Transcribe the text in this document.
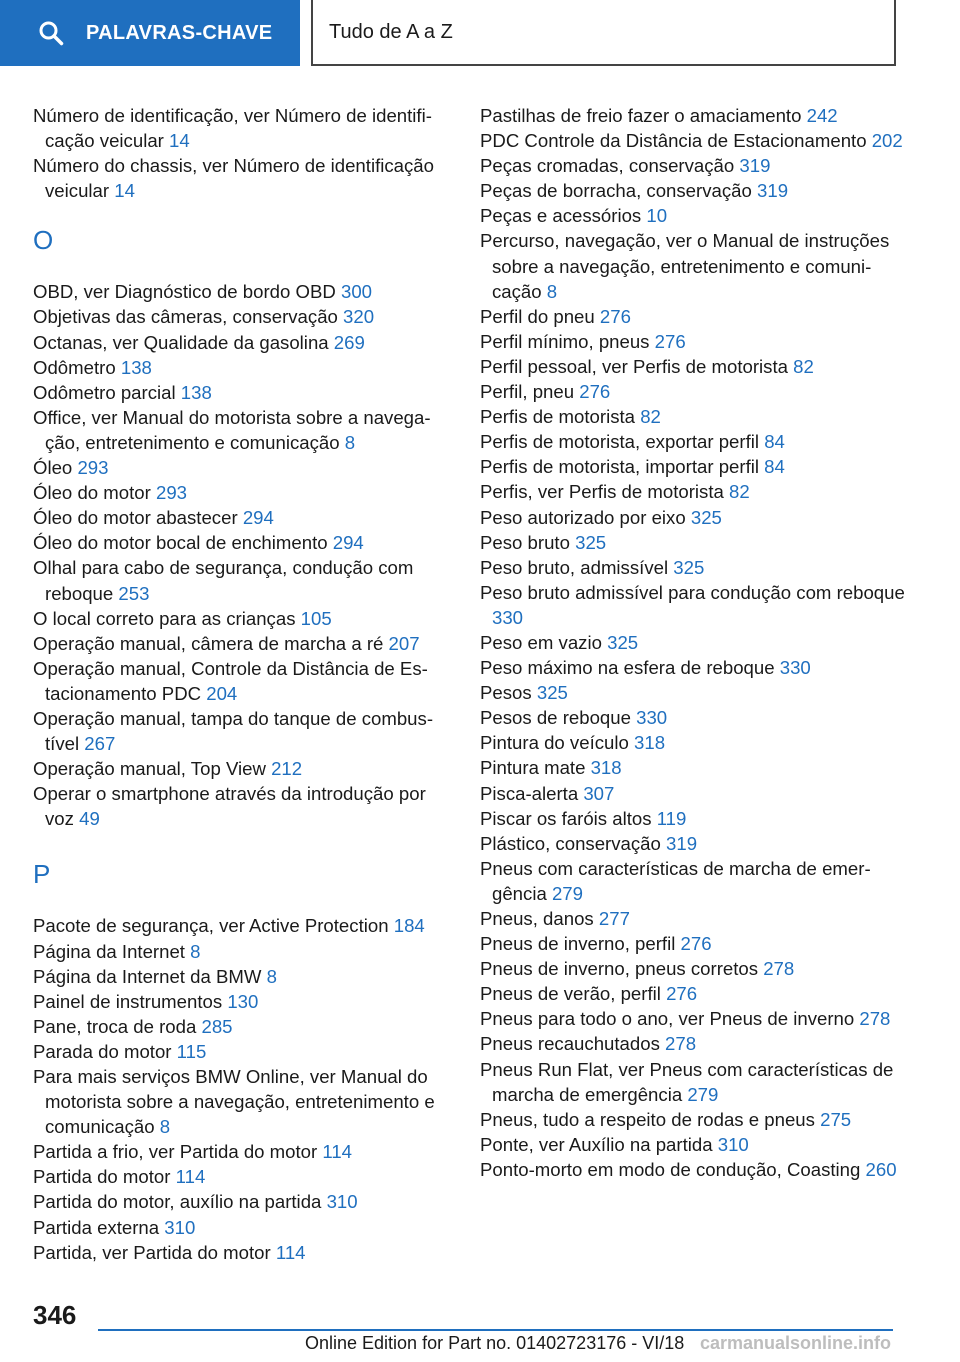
PALAVRAS-CHAVE	Tudo de A a Z
Número de identificação, ver Número de identificação veicular 14
Número do chassis, ver Número de identificação veicular 14
O
OBD, ver Diagnóstico de bordo OBD 300
Objetivas das câmeras, conservação 320
Octanas, ver Qualidade da gasolina 269
Odômetro 138
Odômetro parcial 138
Office, ver Manual do motorista sobre a navegação, entretenimento e comunicação 8
Óleo 293
Óleo do motor 293
Óleo do motor abastecer 294
Óleo do motor bocal de enchimento 294
Olhal para cabo de segurança, condução com reboque 253
O local correto para as crianças 105
Operação manual, câmera de marcha a ré 207
Operação manual, Controle da Distância de Estacionamento PDC 204
Operação manual, tampa do tanque de combustível 267
Operação manual, Top View 212
Operar o smartphone através da introdução por voz 49
P
Pacote de segurança, ver Active Protection 184
Página da Internet 8
Página da Internet da BMW 8
Painel de instrumentos 130
Pane, troca de roda 285
Parada do motor 115
Para mais serviços BMW Online, ver Manual do motorista sobre a navegação, entretenimento e comunicação 8
Partida a frio, ver Partida do motor 114
Partida do motor 114
Partida do motor, auxílio na partida 310
Partida externa 310
Partida, ver Partida do motor 114
Pastilhas de freio fazer o amaciamento 242
PDC Controle da Distância de Estacionamento 202
Peças cromadas, conservação 319
Peças de borracha, conservação 319
Peças e acessórios 10
Percurso, navegação, ver o Manual de instruções sobre a navegação, entretenimento e comunicação 8
Perfil do pneu 276
Perfil mínimo, pneus 276
Perfil pessoal, ver Perfis de motorista 82
Perfil, pneu 276
Perfis de motorista 82
Perfis de motorista, exportar perfil 84
Perfis de motorista, importar perfil 84
Perfis, ver Perfis de motorista 82
Peso autorizado por eixo 325
Peso bruto 325
Peso bruto, admissível 325
Peso bruto admissível para condução com reboque 330
Peso em vazio 325
Peso máximo na esfera de reboque 330
Pesos 325
Pesos de reboque 330
Pintura do veículo 318
Pintura mate 318
Pisca-alerta 307
Piscar os faróis altos 119
Plástico, conservação 319
Pneus com características de marcha de emergência 279
Pneus, danos 277
Pneus de inverno, perfil 276
Pneus de inverno, pneus corretos 278
Pneus de verão, perfil 276
Pneus para todo o ano, ver Pneus de inverno 278
Pneus recauchutados 278
Pneus Run Flat, ver Pneus com características de marcha de emergência 279
Pneus, tudo a respeito de rodas e pneus 275
Ponte, ver Auxílio na partida 310
Ponto-morto em modo de condução, Coasting 260
346
Online Edition for Part no. 01402723176 - VI/18 carmanualsonline.info
